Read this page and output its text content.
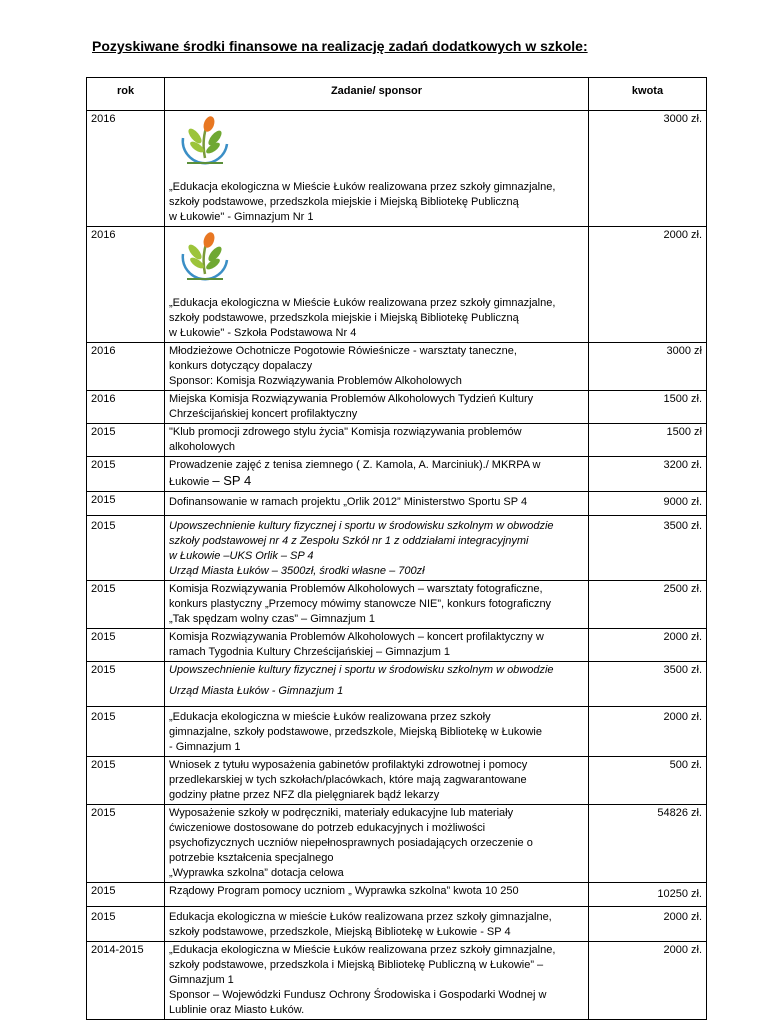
Pozyskiwane środki finansowe na realizację zadań dodatkowych w szkole:
rok	Zadanie/ sponsor	kwota
2016	„Edukacja ekologiczna w Mieście Łuków realizowana przez szkoły gimnazjalne,
szkoły podstawowe, przedszkola miejskie i Miejską Bibliotekę Publiczną
w Łukowie" - Gimnazjum Nr 1	3000 zł.
2016	„Edukacja ekologiczna w Mieście Łuków realizowana przez szkoły gimnazjalne,
szkoły podstawowe, przedszkola miejskie i Miejską Bibliotekę Publiczną
w Łukowie" - Szkoła Podstawowa Nr 4	2000 zł.
2016	Młodzieżowe Ochotnicze Pogotowie Rówieśnicze - warsztaty taneczne,
konkurs dotyczący dopalaczy
Sponsor: Komisja Rozwiązywania Problemów Alkoholowych	3000 zł
2016	Miejska Komisja Rozwiązywania Problemów Alkoholowych Tydzień Kultury
Chrześcijańskiej koncert profilaktyczny	1500 zł.
2015	"Klub promocji zdrowego stylu życia" Komisja rozwiązywania problemów
alkoholowych	1500 zł
2015	Prowadzenie zajęć z tenisa ziemnego ( Z. Kamola, A. Marciniuk)./ MKRPA w
Łukowie – SP 4	3200 zł.
2015	Dofinansowanie w ramach projektu „Orlik 2012” Ministerstwo Sportu SP 4	9000 zł.
2015	Upowszechnienie kultury fizycznej i sportu w środowisku szkolnym w obwodzie
szkoły podstawowej nr 4 z Zespołu Szkół nr 1 z oddziałami integracyjnymi
w Łukowie –UKS Orlik – SP 4
Urząd Miasta Łuków – 3500zł, środki własne – 700zł	3500 zł.
2015	Komisja Rozwiązywania Problemów Alkoholowych – warsztaty fotograficzne,
konkurs plastyczny „Przemocy mówimy stanowcze NIE”, konkurs fotograficzny
„Tak spędzam wolny czas” – Gimnazjum 1	2500 zł.
2015	Komisja Rozwiązywania Problemów Alkoholowych – koncert profilaktyczny w
ramach Tygodnia Kultury Chrześcijańskiej – Gimnazjum 1	2000 zł.
2015	Upowszechnienie kultury fizycznej i sportu w środowisku szkolnym w obwodzie
Urząd Miasta Łuków - Gimnazjum 1	3500 zł.
2015	„Edukacja ekologiczna w mieście Łuków realizowana przez szkoły
gimnazjalne, szkoły podstawowe, przedszkole, Miejską Bibliotekę w Łukowie
- Gimnazjum 1	2000 zł.
2015	Wniosek z tytułu wyposażenia gabinetów profilaktyki zdrowotnej i pomocy
przedlekarskiej w tych szkołach/placówkach, które mają zagwarantowane
godziny płatne przez NFZ dla pielęgniarek bądź lekarzy	500 zł.
2015	Wyposażenie szkoły w podręczniki, materiały edukacyjne lub materiały
ćwiczeniowe dostosowane do potrzeb edukacyjnych i możliwości
psychofizycznych uczniów niepełnosprawnych posiadających orzeczenie o
potrzebie kształcenia specjalnego
„Wyprawka szkolna” dotacja celowa	54826 zł.
2015	Rządowy Program pomocy uczniom „ Wyprawka szkolna” kwota 10 250	10250 zł.
2015	Edukacja ekologiczna w mieście Łuków realizowana przez szkoły gimnazjalne,
szkoły podstawowe, przedszkole, Miejską Bibliotekę w Łukowie - SP 4	2000 zł.
2014-2015	„Edukacja ekologiczna w Mieście Łuków realizowana przez szkoły gimnazjalne,
szkoły podstawowe, przedszkola i Miejską Bibliotekę Publiczną w Łukowie” –
Gimnazjum 1
Sponsor – Wojewódzki Fundusz Ochrony Środowiska i Gospodarki Wodnej w
Lublinie oraz Miasto Łuków.	2000 zł.
